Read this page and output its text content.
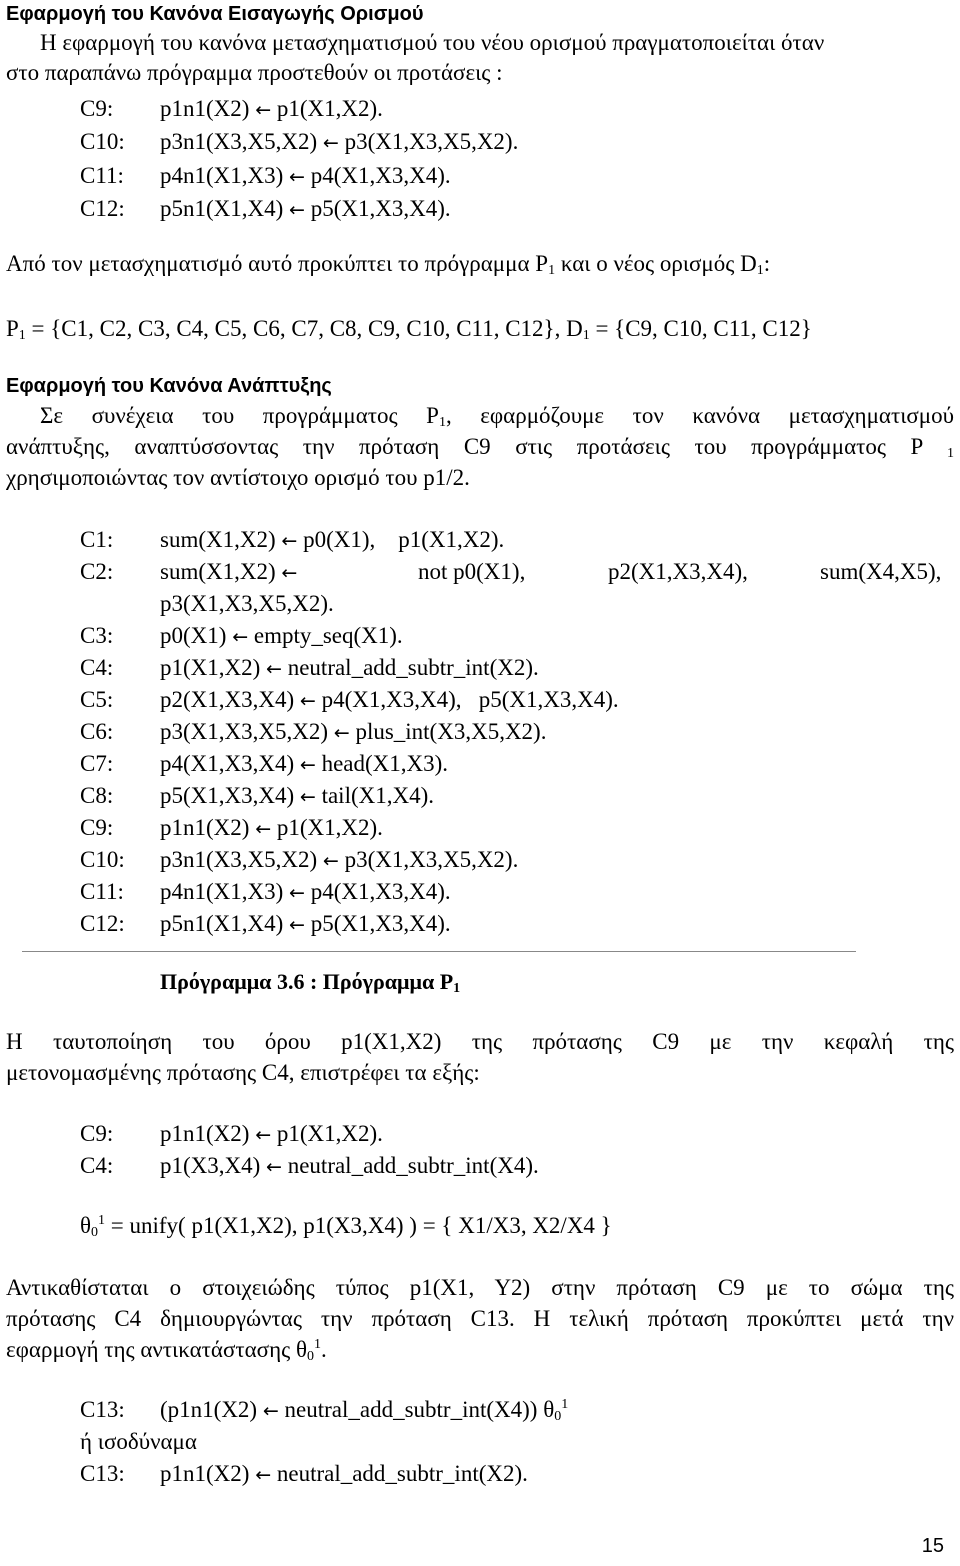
Εφαρμογή του Κανόνα Εισαγωγής Ορισμού
Η εφαρμογή του κανόνα μετασχηματισμού του νέου ορισμού πραγματοποιείται όταν
στο παραπάνω πρόγραμμα προστεθούν οι προτάσεις :
C9: p1n1(X2) ← p1(X1,X2).
C10: p3n1(X3,X5,X2) ← p3(X1,X3,X5,X2).
C11: p4n1(X1,X3) ← p4(X1,X3,X4).
C12: p5n1(X1,X4) ← p5(X1,X3,X4).
Από τον μετασχηματισμό αυτό προκύπτει το πρόγραμμα $P_1$ και ο νέος ορισμός $D_1$:
$P_1 = \{C1$, C2, C3, C4, C5, C6, C7, C8, C9, C10, C11, C12}, $D_1 = \{C9$, C10, C11, C12}
Εφαρμογή του Κανόνα Ανάπτυξης
Σε συνέχεια του προγράμματος $P_1$, εφαρμόζουμε τον κανόνα μετασχηματισμού
ανάπτυξης, αναπτύσσοντας την πρόταση C9 στις προτάσεις του προγράμματος P $_1$
χρησιμοποιώντας τον αντίστοιχο ορισμό του p1/2.
C1: sum(X1,X2) ← p0(X1),    p1(X1,X2).
C2: sum(X1,X2) ←	not p0(X1),	p2(X1,X3,X4),	sum(X4,X5),
p3(X1,X3,X5,X2).
C3: p0(X1) ← empty_seq(X1).
C4: p1(X1,X2) ← neutral_add_subtr_int(X2).
C5: p2(X1,X3,X4) ← p4(X1,X3,X4),   p5(X1,X3,X4).
C6: p3(X1,X3,X5,X2) ← plus_int(X3,X5,X2).
C7: p4(X1,X3,X4) ← head(X1,X3).
C8: p5(X1,X3,X4) ← tail(X1,X4).
C9: p1n1(X2) ← p1(X1,X2).
C10: p3n1(X3,X5,X2) ← p3(X1,X3,X5,X2).
C11: p4n1(X1,X3) ← p4(X1,X3,X4).
C12: p5n1(X1,X4) ← p5(X1,X3,X4).
Πρόγραμμα 3.6 : Πρόγραμμα $P_1$
Η ταυτοποίηση του όρου p1(X1,X2) της πρότασης C9 με την κεφαλή της
μετονομασμένης πρότασης C4, επιστρέφει τα εξής:
C9: p1n1(X2) ← p1(X1,X2).
C4: p1(X3,X4) ← neutral_add_subtr_int(X4).
$\theta_0^1$ = unify( p1(X1,X2), p1(X3,X4) ) = { X1/X3, X2/X4 }
Αντικαθίσταται ο στοιχειώδης τύπος p1(X1, Y2) στην πρόταση C9 με το σώμα της
πρότασης C4 δημιουργώντας την πρόταση C13. Η τελική πρόταση προκύπτει μετά την
εφαρμογή της αντικατάστασης $\theta_0^1$.
C13: (p1n1(X2) ← neutral_add_subtr_int(X4)) $\theta_0^1$
ή ισοδύναμα
C13: p1n1(X2) ← neutral_add_subtr_int(X2).
15
